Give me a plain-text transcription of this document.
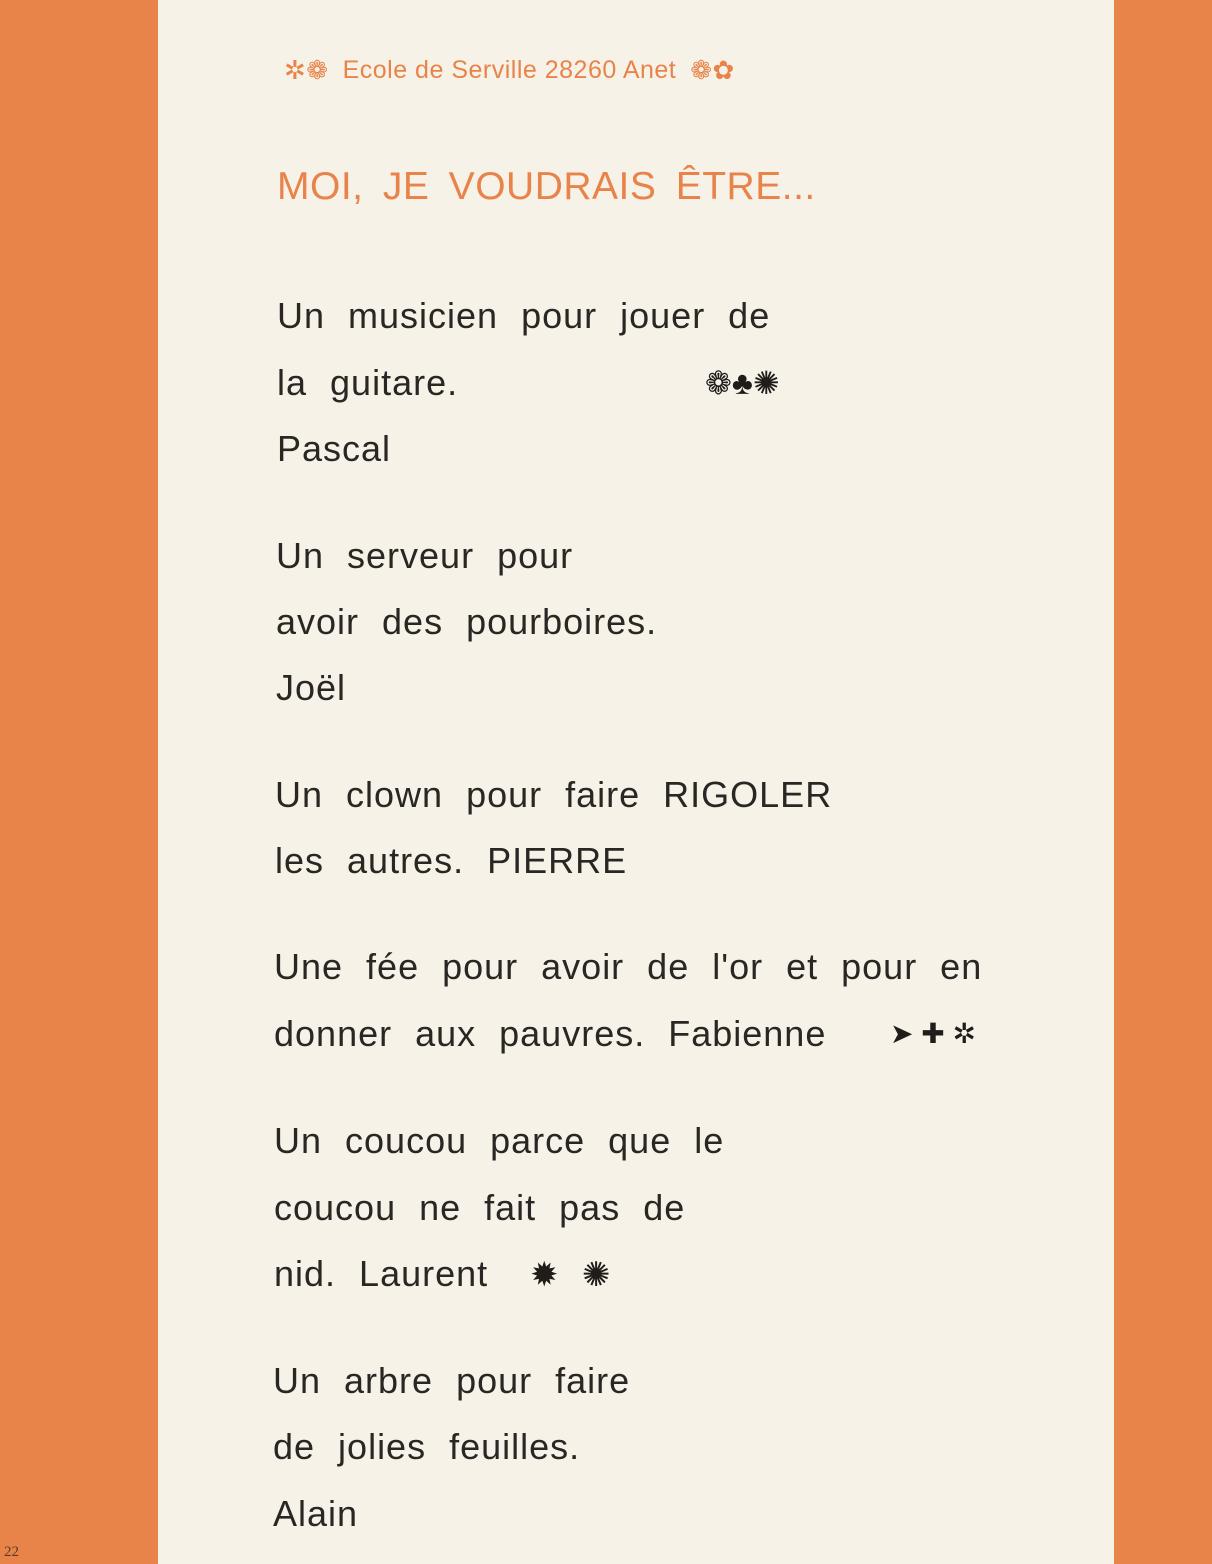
✲❁ Ecole de Serville 28260 Anet ❁✿
MOI, JE VOUDRAIS ÊTRE...
Un musicien pour jouer de
la guitare.	❁♣✺
Pascal
Un serveur pour
avoir des pourboires.
Joël
Un clown pour faire RIGOLER
les autres. PIERRE
Une fée pour avoir de l'or et pour en
donner aux pauvres. Fabienne ➤ ✚ ✲
Un coucou parce que le
coucou ne fait pas de
nid. Laurent ✹ ✺
Un arbre pour faire
de jolies feuilles.
Alain
22
